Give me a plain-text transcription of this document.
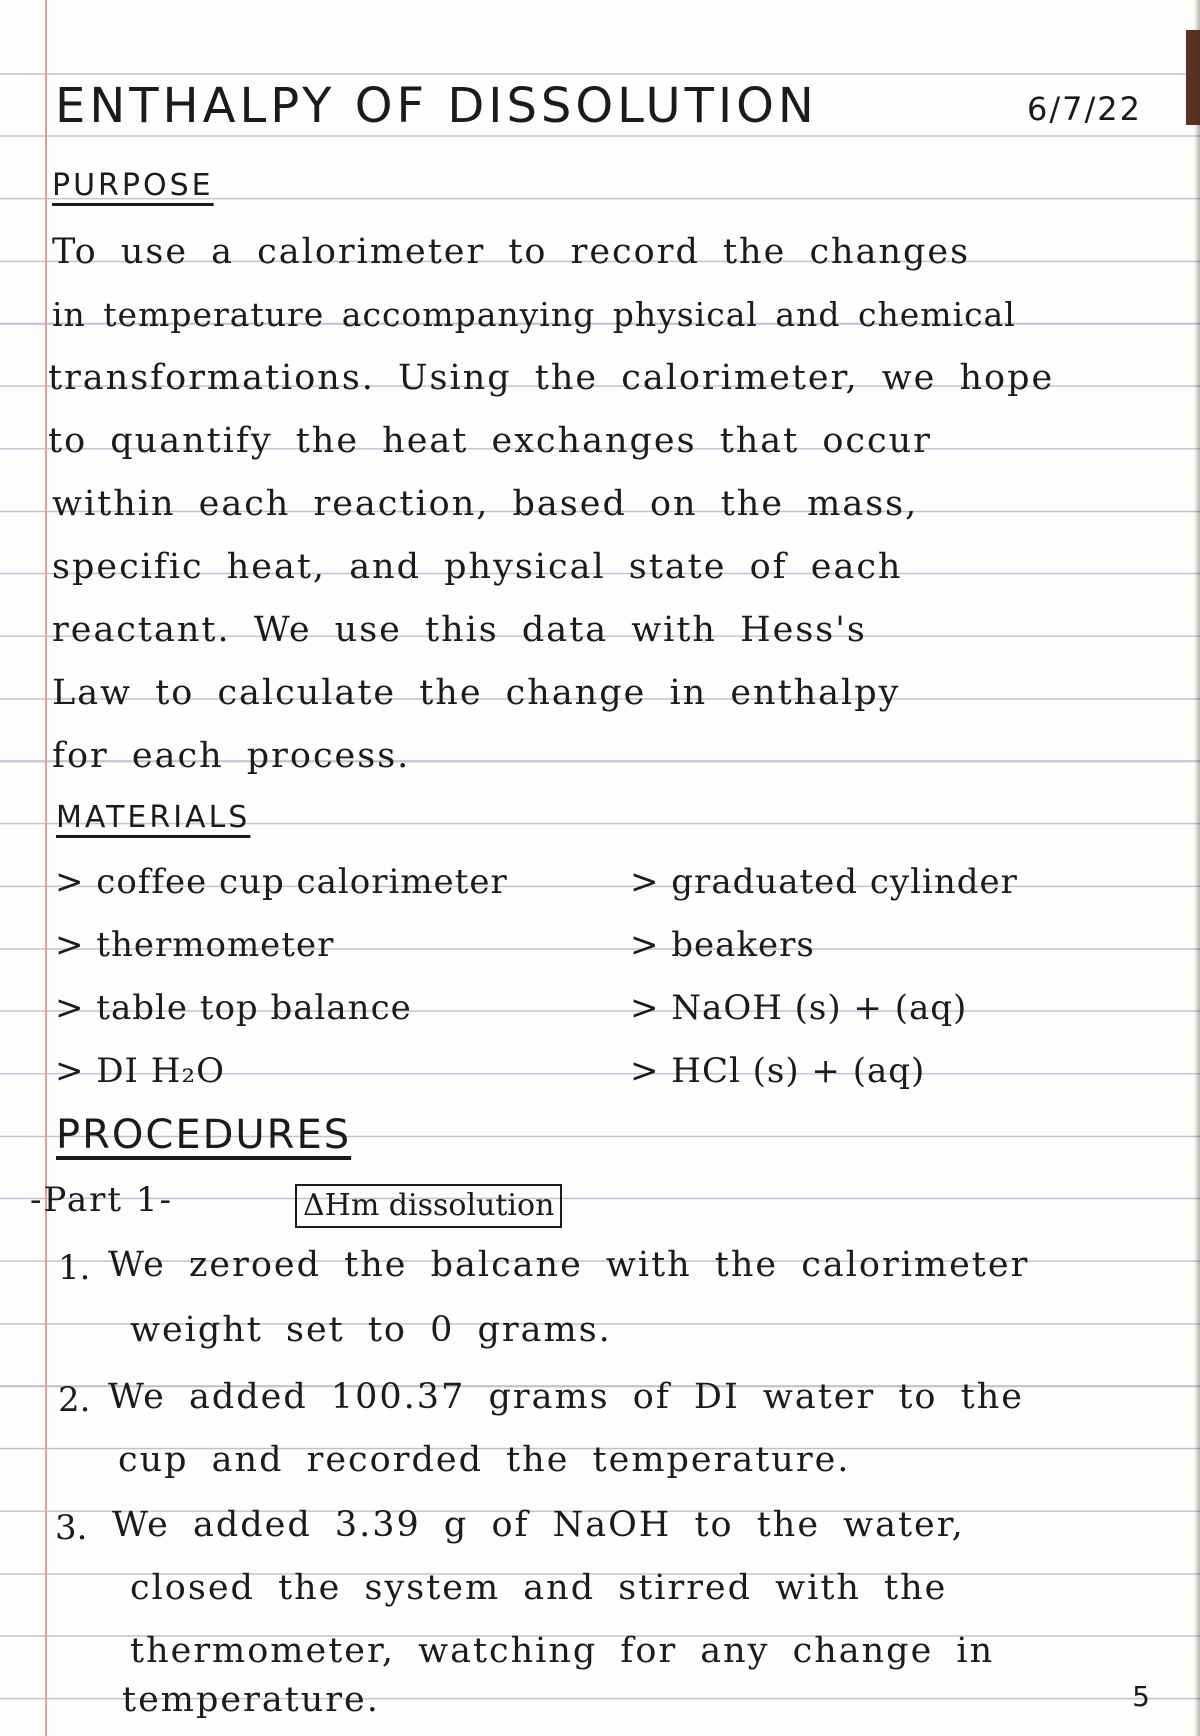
ENTHALPY OF DISSOLUTION	6/7/22
PURPOSE
To use a calorimeter to record the changes
in temperature accompanying physical and chemical
transformations. Using the calorimeter, we hope
to quantify the heat exchanges that occur
within each reaction, based on the mass,
specific heat, and physical state of each
reactant. We use this data with Hess's
Law to calculate the change in enthalpy
for each process.
MATERIALS
> coffee cup calorimeter
> thermometer
> table top balance
> DI H₂O
> graduated cylinder
> beakers
> NaOH (s) + (aq)
> HCl (s) + (aq)
PROCEDURES
-Part 1-	ΔHm dissolution
1. We zeroed the balcane with the calorimeter
weight set to 0 grams.
2. We added 100.37 grams of DI water to the
cup and recorded the temperature.
3. We added 3.39 g of NaOH to the water,
closed the system and stirred with the
thermometer, watching for any change in
temperature.	5
